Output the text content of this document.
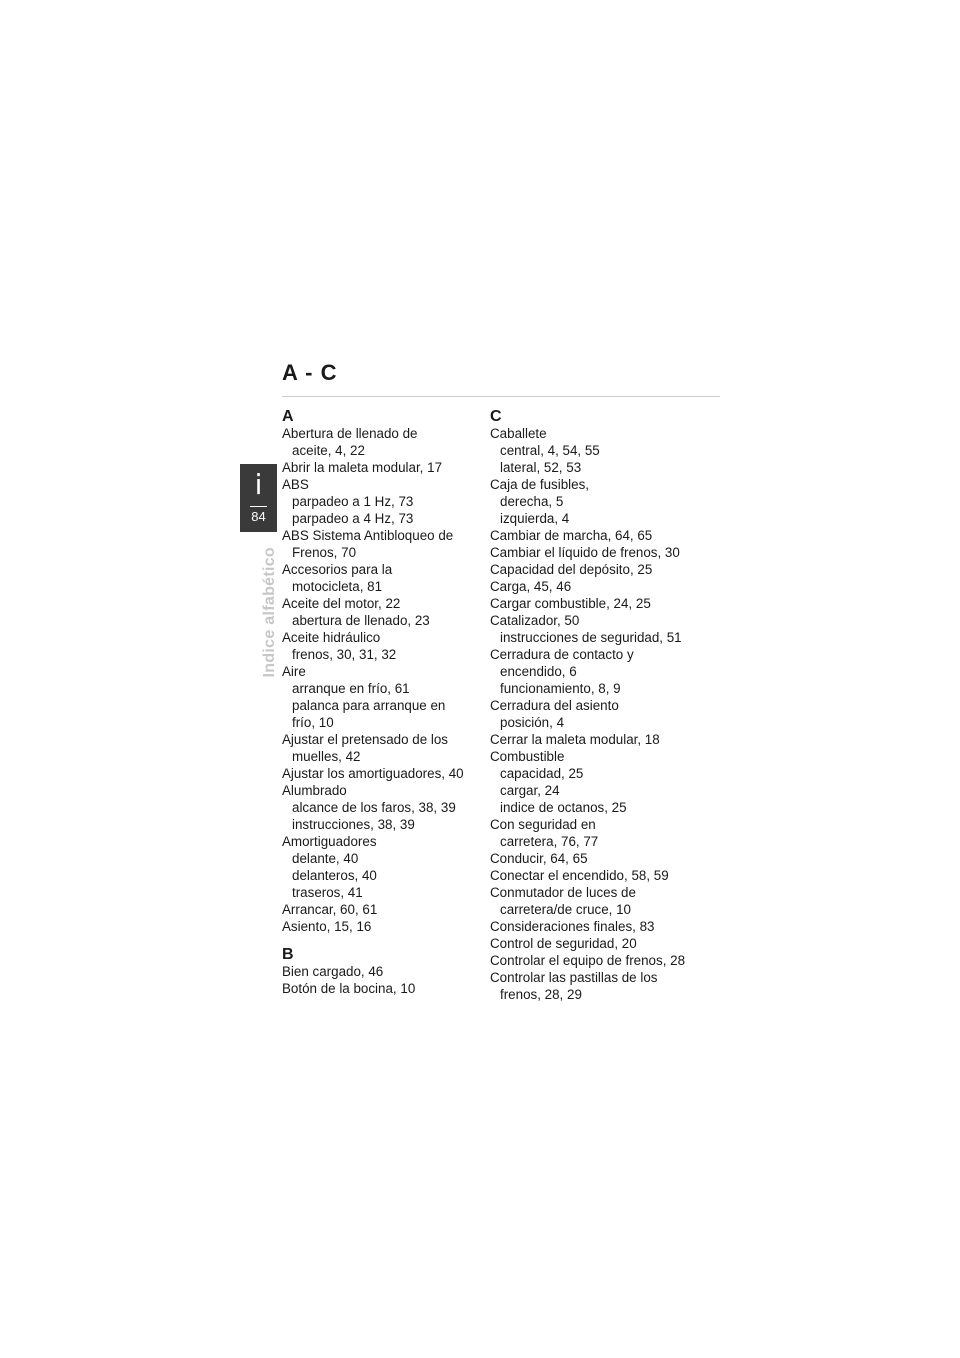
A - C
i
84
Indice alfabético
A
Abertura de llenado de
aceite, 4, 22
Abrir la maleta modular, 17
ABS
parpadeo a 1 Hz, 73
parpadeo a 4 Hz, 73
ABS Sistema Antibloqueo de
Frenos, 70
Accesorios para la
motocicleta, 81
Aceite del motor, 22
abertura de llenado, 23
Aceite hidráulico
frenos, 30, 31, 32
Aire
arranque en frío, 61
palanca para arranque en
frío, 10
Ajustar el pretensado de los
muelles, 42
Ajustar los amortiguadores, 40
Alumbrado
alcance de los faros, 38, 39
instrucciones, 38, 39
Amortiguadores
delante, 40
delanteros, 40
traseros, 41
Arrancar, 60, 61
Asiento, 15, 16
B
Bien cargado, 46
Botón de la bocina, 10
C
Caballete
central, 4, 54, 55
lateral, 52, 53
Caja de fusibles,
derecha, 5
izquierda, 4
Cambiar de marcha, 64, 65
Cambiar el líquido de frenos, 30
Capacidad del depósito, 25
Carga, 45, 46
Cargar combustible, 24, 25
Catalizador, 50
instrucciones de seguridad, 51
Cerradura de contacto y
encendido, 6
funcionamiento, 8, 9
Cerradura del asiento
posición, 4
Cerrar la maleta modular, 18
Combustible
capacidad, 25
cargar, 24
indice de octanos, 25
Con seguridad en
carretera, 76, 77
Conducir, 64, 65
Conectar el encendido, 58, 59
Conmutador de luces de
carretera/de cruce, 10
Consideraciones finales, 83
Control de seguridad, 20
Controlar el equipo de frenos, 28
Controlar las pastillas de los
frenos, 28, 29
